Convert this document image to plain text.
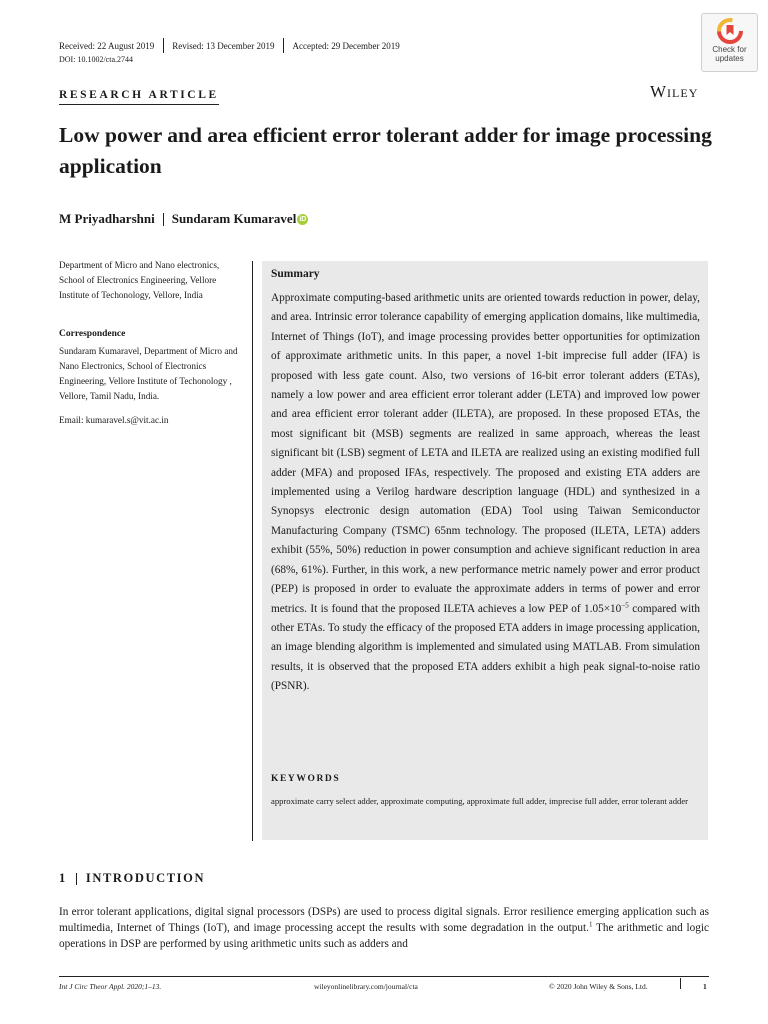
Received: 22 August 2019	Revised: 13 December 2019	Accepted: 29 December 2019
DOI: 10.1002/cta.2744
Check for
updates
Wiley
RESEARCH ARTICLE
Low power and area efficient error tolerant adder for image processing application
M Priyadharshni Sundaram Kumaravel iD

Department of Micro and Nano electronics, School of Electronics Engineering, Vellore Institute of Techonology, Vellore, India

Correspondence

Sundaram Kumaravel, Department of Micro and Nano Electronics, School of Electronics Engineering, Vellore Institute of Techonology , Vellore, Tamil Nadu, India.

Email: kumaravel.s@vit.ac.in
Summary

Approximate computing-based arithmetic units are oriented towards reduction in power, delay, and area. Intrinsic error tolerance capability of emerging application domains, like multimedia, Internet of Things (IoT), and image processing provides better opportunities for optimization of approximate arithmetic units. In this paper, a novel 1-bit imprecise full adder (IFA) is proposed with less gate count. Also, two versions of 16-bit error tolerant adders (ETAs), namely a low power and area efficient error tolerant adder (LETA) and improved low power and area efficient error tolerant adder (ILETA), are proposed. In these proposed ETAs, the most significant bit (MSB) segments are realized in same approach, whereas the least significant bit (LSB) segment of LETA and ILETA are realized using an existing modified full adder (MFA) and proposed IFAs, respectively. The proposed and existing ETA adders are implemented using a Verilog hardware description language (HDL) and synthesized in a Synopsys electronic design automation (EDA) Tool using Taiwan Semiconductor Manufacturing Company (TSMC) 65nm technology. The proposed (ILETA, LETA) adders exhibit (55%, 50%) reduction in power consumption and achieve significant reduction in area (68%, 61%). Further, in this work, a new performance metric namely power and error product (PEP) is proposed in order to evaluate the approximate adders in terms of power and error metrics. It is found that the proposed ILETA achieves a low PEP of $1.05\times 10^{-5}$ compared with other ETAs. To study the efficacy of the proposed ETA adders in image processing application, an image blending algorithm is implemented and simulated using MATLAB. From simulation results, it is observed that the proposed ETA adders exhibit a high peak signal-to-noise ratio (PSNR).

KEYWORDS

approximate carry select adder, approximate computing, approximate full adder, imprecise full adder, error tolerant adder

1 INTRODUCTION

In error tolerant applications, digital signal processors (DSPs) are used to process digital signals. Error resilience emerging application such as multimedia, Internet of Things (IoT), and image processing accept the results with some degradation in the output.$^1$ The arithmetic and logic operations in DSP are performed by using arithmetic units such as adders and

Int J Circ Theor Appl. 2020;1–13.	wileyonlinelibrary.com/journal/cta	© 2020 John Wiley & Sons, Ltd.	1
